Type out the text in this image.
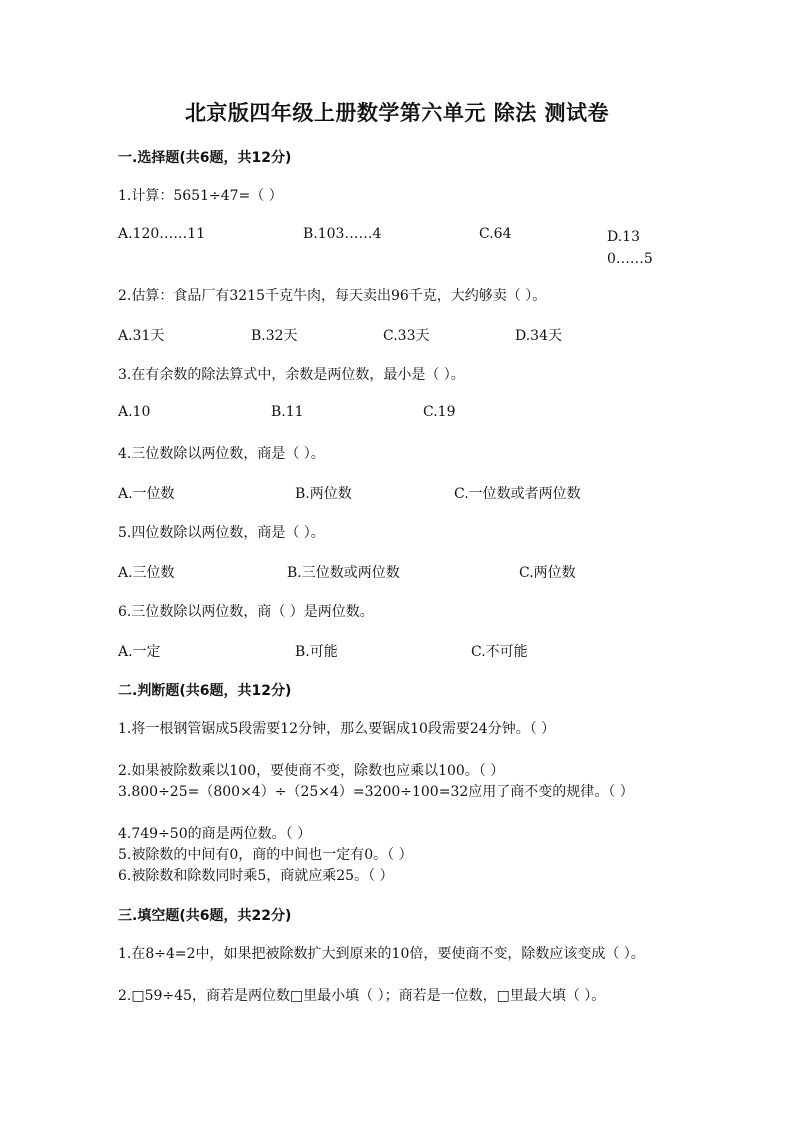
北京版四年级上册数学第六单元 除法 测试卷
一.选择题(共6题，共12分)
1.计算：5651÷47=（ ）
A.120……11	B.103……4	C.64	D.130……5
2.估算：食品厂有3215千克牛肉，每天卖出96千克，大约够卖（ ）。
A.31天	B.32天	C.33天	D.34天
3.在有余数的除法算式中，余数是两位数，最小是（ ）。
A.10	B.11	C.19
4.三位数除以两位数，商是（ ）。
A.一位数	B.两位数	C.一位数或者两位数
5.四位数除以两位数，商是（ ）。
A.三位数	B.三位数或两位数	C.两位数
6.三位数除以两位数，商（ ）是两位数。
A.一定	B.可能	C.不可能
二.判断题(共6题，共12分)
1.将一根钢管锯成5段需要12分钟，那么要锯成10段需要24分钟。（ ）
2.如果被除数乘以100，要使商不变，除数也应乘以100。（ ）
3.800÷25=（800×4）÷（25×4）=3200÷100=32应用了商不变的规律。（ ）
4.749÷50的商是两位数。（ ）
5.被除数的中间有0，商的中间也一定有0。（ ）
6.被除数和除数同时乘5，商就应乘25。（ ）
三.填空题(共6题，共22分)
1.在8÷4=2中，如果把被除数扩大到原来的10倍，要使商不变，除数应该变成（ ）。
2.□59÷45，商若是两位数□里最小填（ ）；商若是一位数，□里最大填（ ）。
